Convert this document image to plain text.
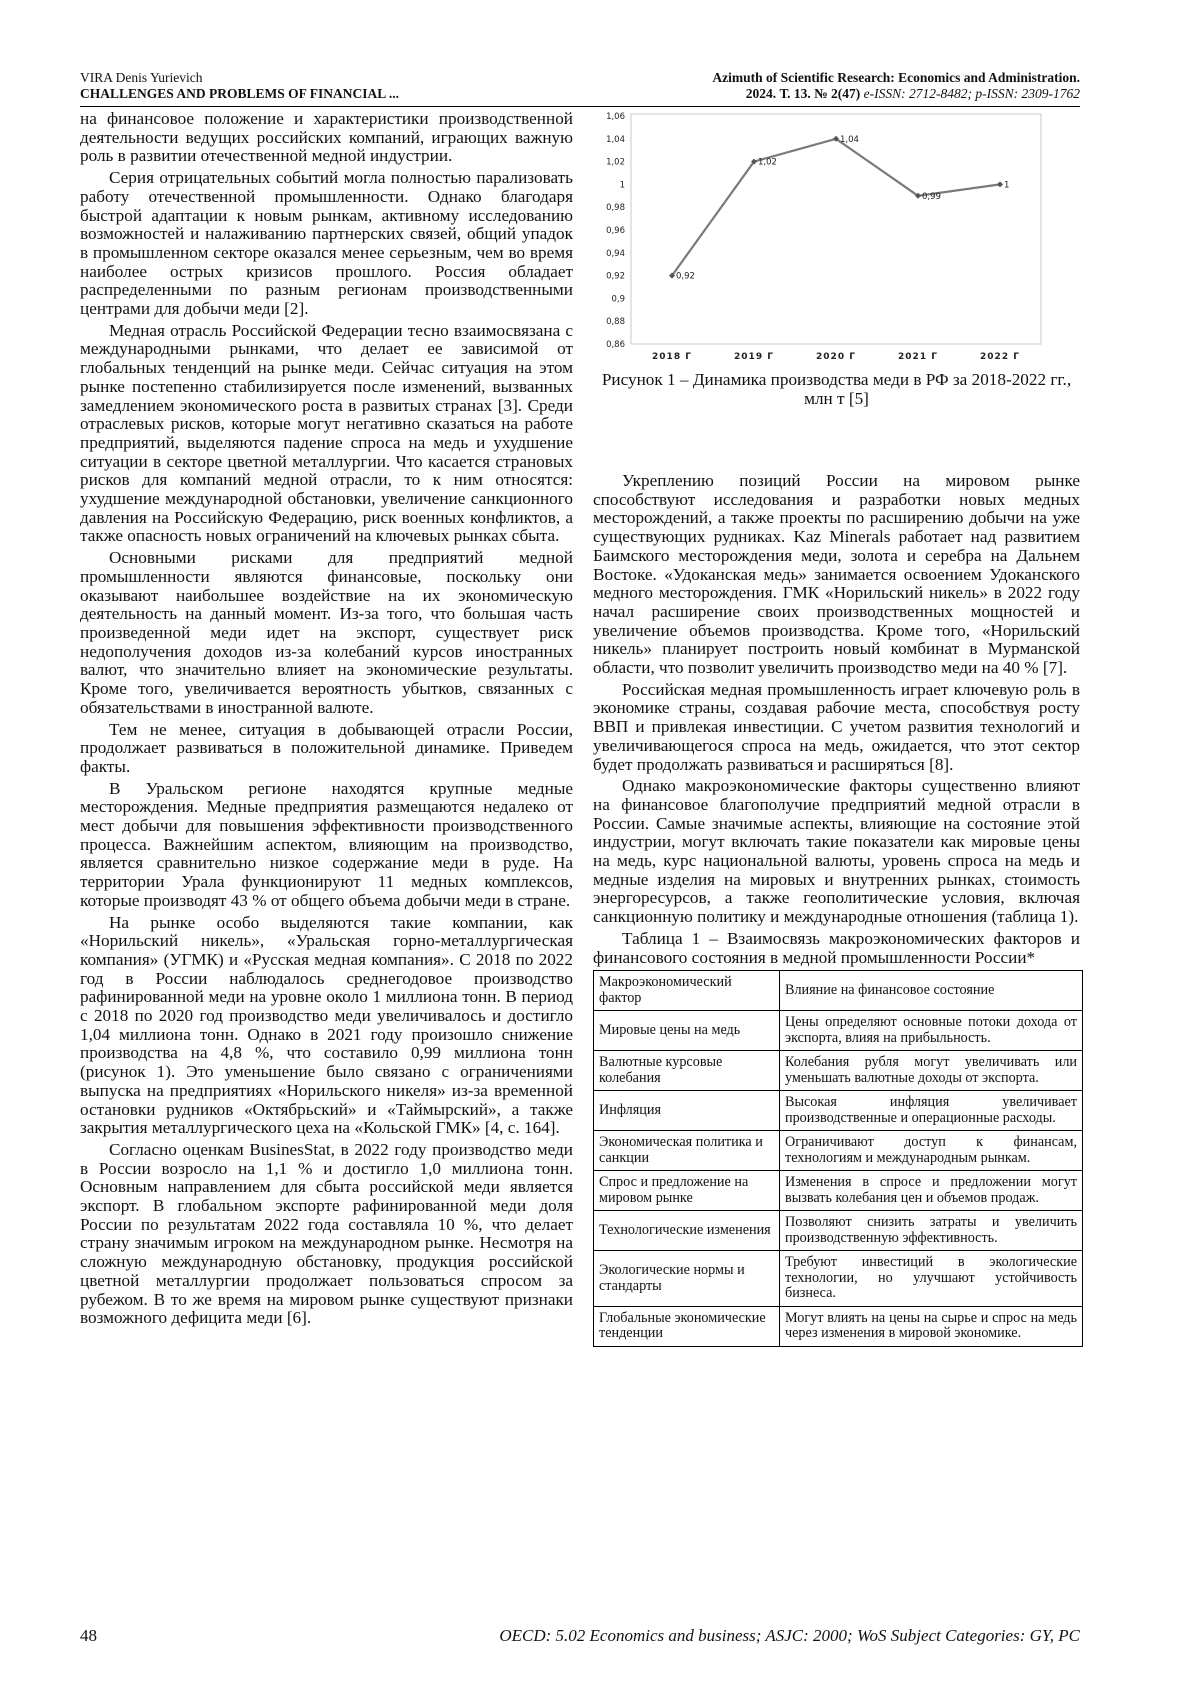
VIRA Denis Yurievich
CHALLENGES AND PROBLEMS OF FINANCIAL ...
Azimuth of Scientific Research: Economics and Administration.
2024. Т. 13. № 2(47) e-ISSN: 2712-8482; p-ISSN: 2309-1762

на финансовое положение и характеристики производственной деятельности ведущих российских компаний, играющих важную роль в развитии отечественной медной индустрии.

Серия отрицательных событий могла полностью парализовать работу отечественной промышленности. Однако благодаря быстрой адаптации к новым рынкам, активному исследованию возможностей и налаживанию партнерских связей, общий упадок в промышленном секторе оказался менее серьезным, чем во время наиболее острых кризисов прошлого. Россия обладает распределенными по разным регионам производственными центрами для добычи меди [2].

Медная отрасль Российской Федерации тесно взаимосвязана с международными рынками, что делает ее зависимой от глобальных тенденций на рынке меди. Сейчас ситуация на этом рынке постепенно стабилизируется после изменений, вызванных замедлением экономического роста в развитых странах [3]. Среди отраслевых рисков, которые могут негативно сказаться на работе предприятий, выделяются падение спроса на медь и ухудшение ситуации в секторе цветной металлургии. Что касается страновых рисков для компаний медной отрасли, то к ним относятся: ухудшение международной обстановки, увеличение санкционного давления на Российскую Федерацию, риск военных конфликтов, а также опасность новых ограничений на ключевых рынках сбыта.

Основными рисками для предприятий медной промышленности являются финансовые, поскольку они оказывают наибольшее воздействие на их экономическую деятельность на данный момент. Из-за того, что большая часть произведенной меди идет на экспорт, существует риск недополучения доходов из-за колебаний курсов иностранных валют, что значительно влияет на экономические результаты. Кроме того, увеличивается вероятность убытков, связанных с обязательствами в иностранной валюте.

Тем не менее, ситуация в добывающей отрасли России, продолжает развиваться в положительной динамике. Приведем факты.

В Уральском регионе находятся крупные медные месторождения. Медные предприятия размещаются недалеко от мест добычи для повышения эффективности производственного процесса. Важнейшим аспектом, влияющим на производство, является сравнительно низкое содержание меди в руде. На территории Урала функционируют 11 медных комплексов, которые производят 43 % от общего объема добычи меди в стране.

На рынке особо выделяются такие компании, как «Норильский никель», «Уральская горно-металлургическая компания» (УГМК) и «Русская медная компания». С 2018 по 2022 год в России наблюдалось среднегодовое производство рафинированной меди на уровне около 1 миллиона тонн. В период с 2018 по 2020 год производство меди увеличивалось и достигло 1,04 миллиона тонн. Однако в 2021 году произошло снижение производства на 4,8 %, что составило 0,99 миллиона тонн (рисунок 1). Это уменьшение было связано с ограничениями выпуска на предприятиях «Норильского никеля» из-за временной остановки рудников «Октябрьский» и «Таймырский», а также закрытия металлургического цеха на «Кольской ГМК» [4, с. 164].

Согласно оценкам BusinesStat, в 2022 году производство меди в России возросло на 1,1 % и достигло 1,0 миллиона тонн. Основным направлением для сбыта российской меди является экспорт. В глобальном экспорте рафинированной меди доля России по результатам 2022 года составляла 10 %, что делает страну значимым игроком на международном рынке. Несмотря на сложную международную обстановку, продукция российской цветной металлургии продолжает пользоваться спросом за рубежом. В то же время на мировом рынке существуют признаки возможного дефицита меди [6].

0,86
0,88
0,9
0,92
0,94
0,96
0,98
1
1,02
1,04
1,06
2018 Г	2019 Г	2020 Г	2021 Г	2022 Г
0,92
1,02
1,04
0,99
1
Рисунок 1 – Динамика производства меди в РФ за 2018-2022 гг., млн т [5]

Укреплению позиций России на мировом рынке способствуют исследования и разработки новых медных месторождений, а также проекты по расширению добычи на уже существующих рудниках. Kaz Minerals работает над развитием Баимского месторождения меди, золота и серебра на Дальнем Востоке. «Удоканская медь» занимается освоением Удоканского медного месторождения. ГМК «Норильский никель» в 2022 году начал расширение своих производственных мощностей и увеличение объемов производства. Кроме того, «Норильский никель» планирует построить новый комбинат в Мурманской области, что позволит увеличить производство меди на 40 % [7].

Российская медная промышленность играет ключевую роль в экономике страны, создавая рабочие места, способствуя росту ВВП и привлекая инвестиции. С учетом развития технологий и увеличивающегося спроса на медь, ожидается, что этот сектор будет продолжать развиваться и расширяться [8].

Однако макроэкономические факторы существенно влияют на финансовое благополучие предприятий медной отрасли в России. Самые значимые аспекты, влияющие на состояние этой индустрии, могут включать такие показатели как мировые цены на медь, курс национальной валюты, уровень спроса на медь и медные изделия на мировых и внутренних рынках, стоимость энергоресурсов, а также геополитические условия, включая санкционную политику и международные отношения (таблица 1).

Таблица 1 – Взаимосвязь макроэкономических факторов и финансового состояния в медной промышленности России*

Макроэкономический фактор	Влияние на финансовое состояние
Мировые цены на медь	Цены определяют основные потоки дохода от экспорта, влияя на прибыльность.
Валютные курсовые колебания	Колебания рубля могут увеличивать или уменьшать валютные доходы от экспорта.
Инфляция	Высокая инфляция увеличивает производственные и операционные расходы.
Экономическая политика и санкции	Ограничивают доступ к финансам, технологиям и международным рынкам.
Спрос и предложение на мировом рынке	Изменения в спросе и предложении могут вызвать колебания цен и объемов продаж.
Технологические изменения	Позволяют снизить затраты и увеличить производственную эффективность.
Экологические нормы и стандарты	Требуют инвестиций в экологические технологии, но улучшают устойчивость бизнеса.
Глобальные экономические тенденции	Могут влиять на цены на сырье и спрос на медь через изменения в мировой экономике.
48	OECD: 5.02 Economics and business; ASJC: 2000; WoS Subject Categories: GY, PC
